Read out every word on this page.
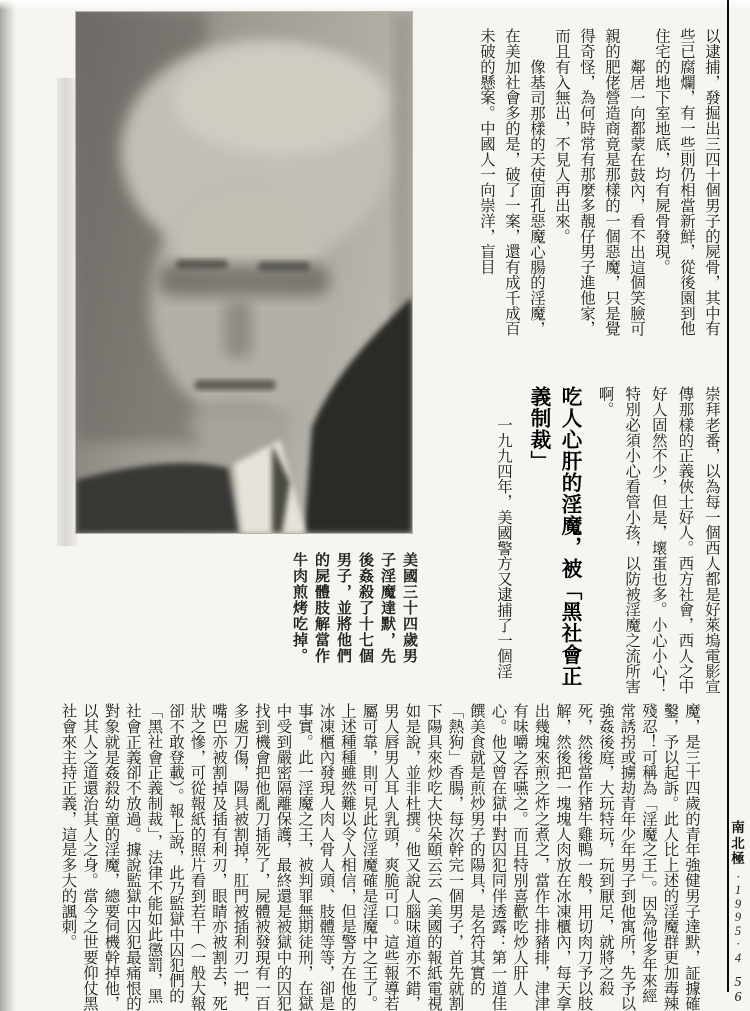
美國三十四歲男子淫魔達默，先後姦殺了十七個男子，並將他們的屍體肢解當作牛肉煎烤吃掉。

以逮捕，發掘出三四十個男子的屍骨，其中有些已腐爛，有一些則仍相當新鮮，從後園到他住宅的地下室地底，均有屍骨發現。

鄰居一向都蒙在鼓內，看不出這個笑臉可親的肥佬營造商竟是那樣的一個惡魔，只是覺得奇怪，為何時常有那麼多靚仔男子進他家，而且有入無出，不見人再出來。

像基司那樣的天使面孔惡魔心腸的淫魔，在美加社會多的是，破了一案，還有成千成百未破的懸案。中國人一向崇洋，盲目

崇拜老番，以為每一個西人都是好萊塢電影宣傳那樣的正義俠士好人。西方社會，西人之中好人固然不少，但是，壞蛋也多。小心小心！特別必須小心看管小孩，以防被淫魔之流所害啊。

吃人心肝的淫魔，被「黑社會正義制裁」

一九九四年，美國警方又逮捕了一個淫

魔，是三十四歲的青年強健男子達默，証據確鑿，予以起訴。此人比上述的淫魔群更加毒辣殘忍！可稱為「淫魔之王」。因為他多年來經常誘拐或擄劫青年少年男子到他寓所，先予以強姦後庭，大玩特玩，玩到厭足，就將之殺死，然後當作豬牛雞鴨一般，用切肉刀予以肢解，然後把一塊塊人肉放在冰凍櫃內，每天拿出幾塊來煎之炸之煮之，當作牛排豬排，津津有味嚼之吞嚥之。而且特別喜歡吃炒人肝人心。他又曾在獄中對囚犯同伴透露：第一道佳饌美食就是煎炒男子的陽具，是名符其實的「熱狗」香腸，每次幹完一個男子，首先就割下陽具來炒吃大快朵頤云云（美國的報紙電視如是說，並非杜撰。他又說人腦味道亦不錯，男人唇男人耳人乳頭，爽脆可口。這些報導若屬可靠，則可見此位淫魔確是淫魔中之王了。上述種種雖然難以令人相信，但是警方在他的冰凍櫃內發現人肉人骨人頭、肢體等等，卻是事實。此一淫魔之王，被判罪無期徒刑，在獄中受到嚴密隔離保護，最終還是被獄中的囚犯找到機會把他亂刀插死了，屍體被發現有一百多處刀傷，陽具被割掉，肛門被插利刃一把，嘴巴亦被割掉及插有利刃，眼睛亦被割去，死狀之慘，可從報紙的照片看到若干（一般大報卻不敢登載）。報上說，此乃監獄中囚犯們的「黑社會正義制裁」，法律不能如此懲罰，黑社會正義卻不放過。據說監獄中囚犯最痛恨的對象就是姦殺幼童的淫魔，總要伺機幹掉他，以其人之道還治其人之身。當今之世要仰仗黑社會來主持正義，這是多大的諷刺。	南
北
極
·
1
9
9
5
·
4
5
6
